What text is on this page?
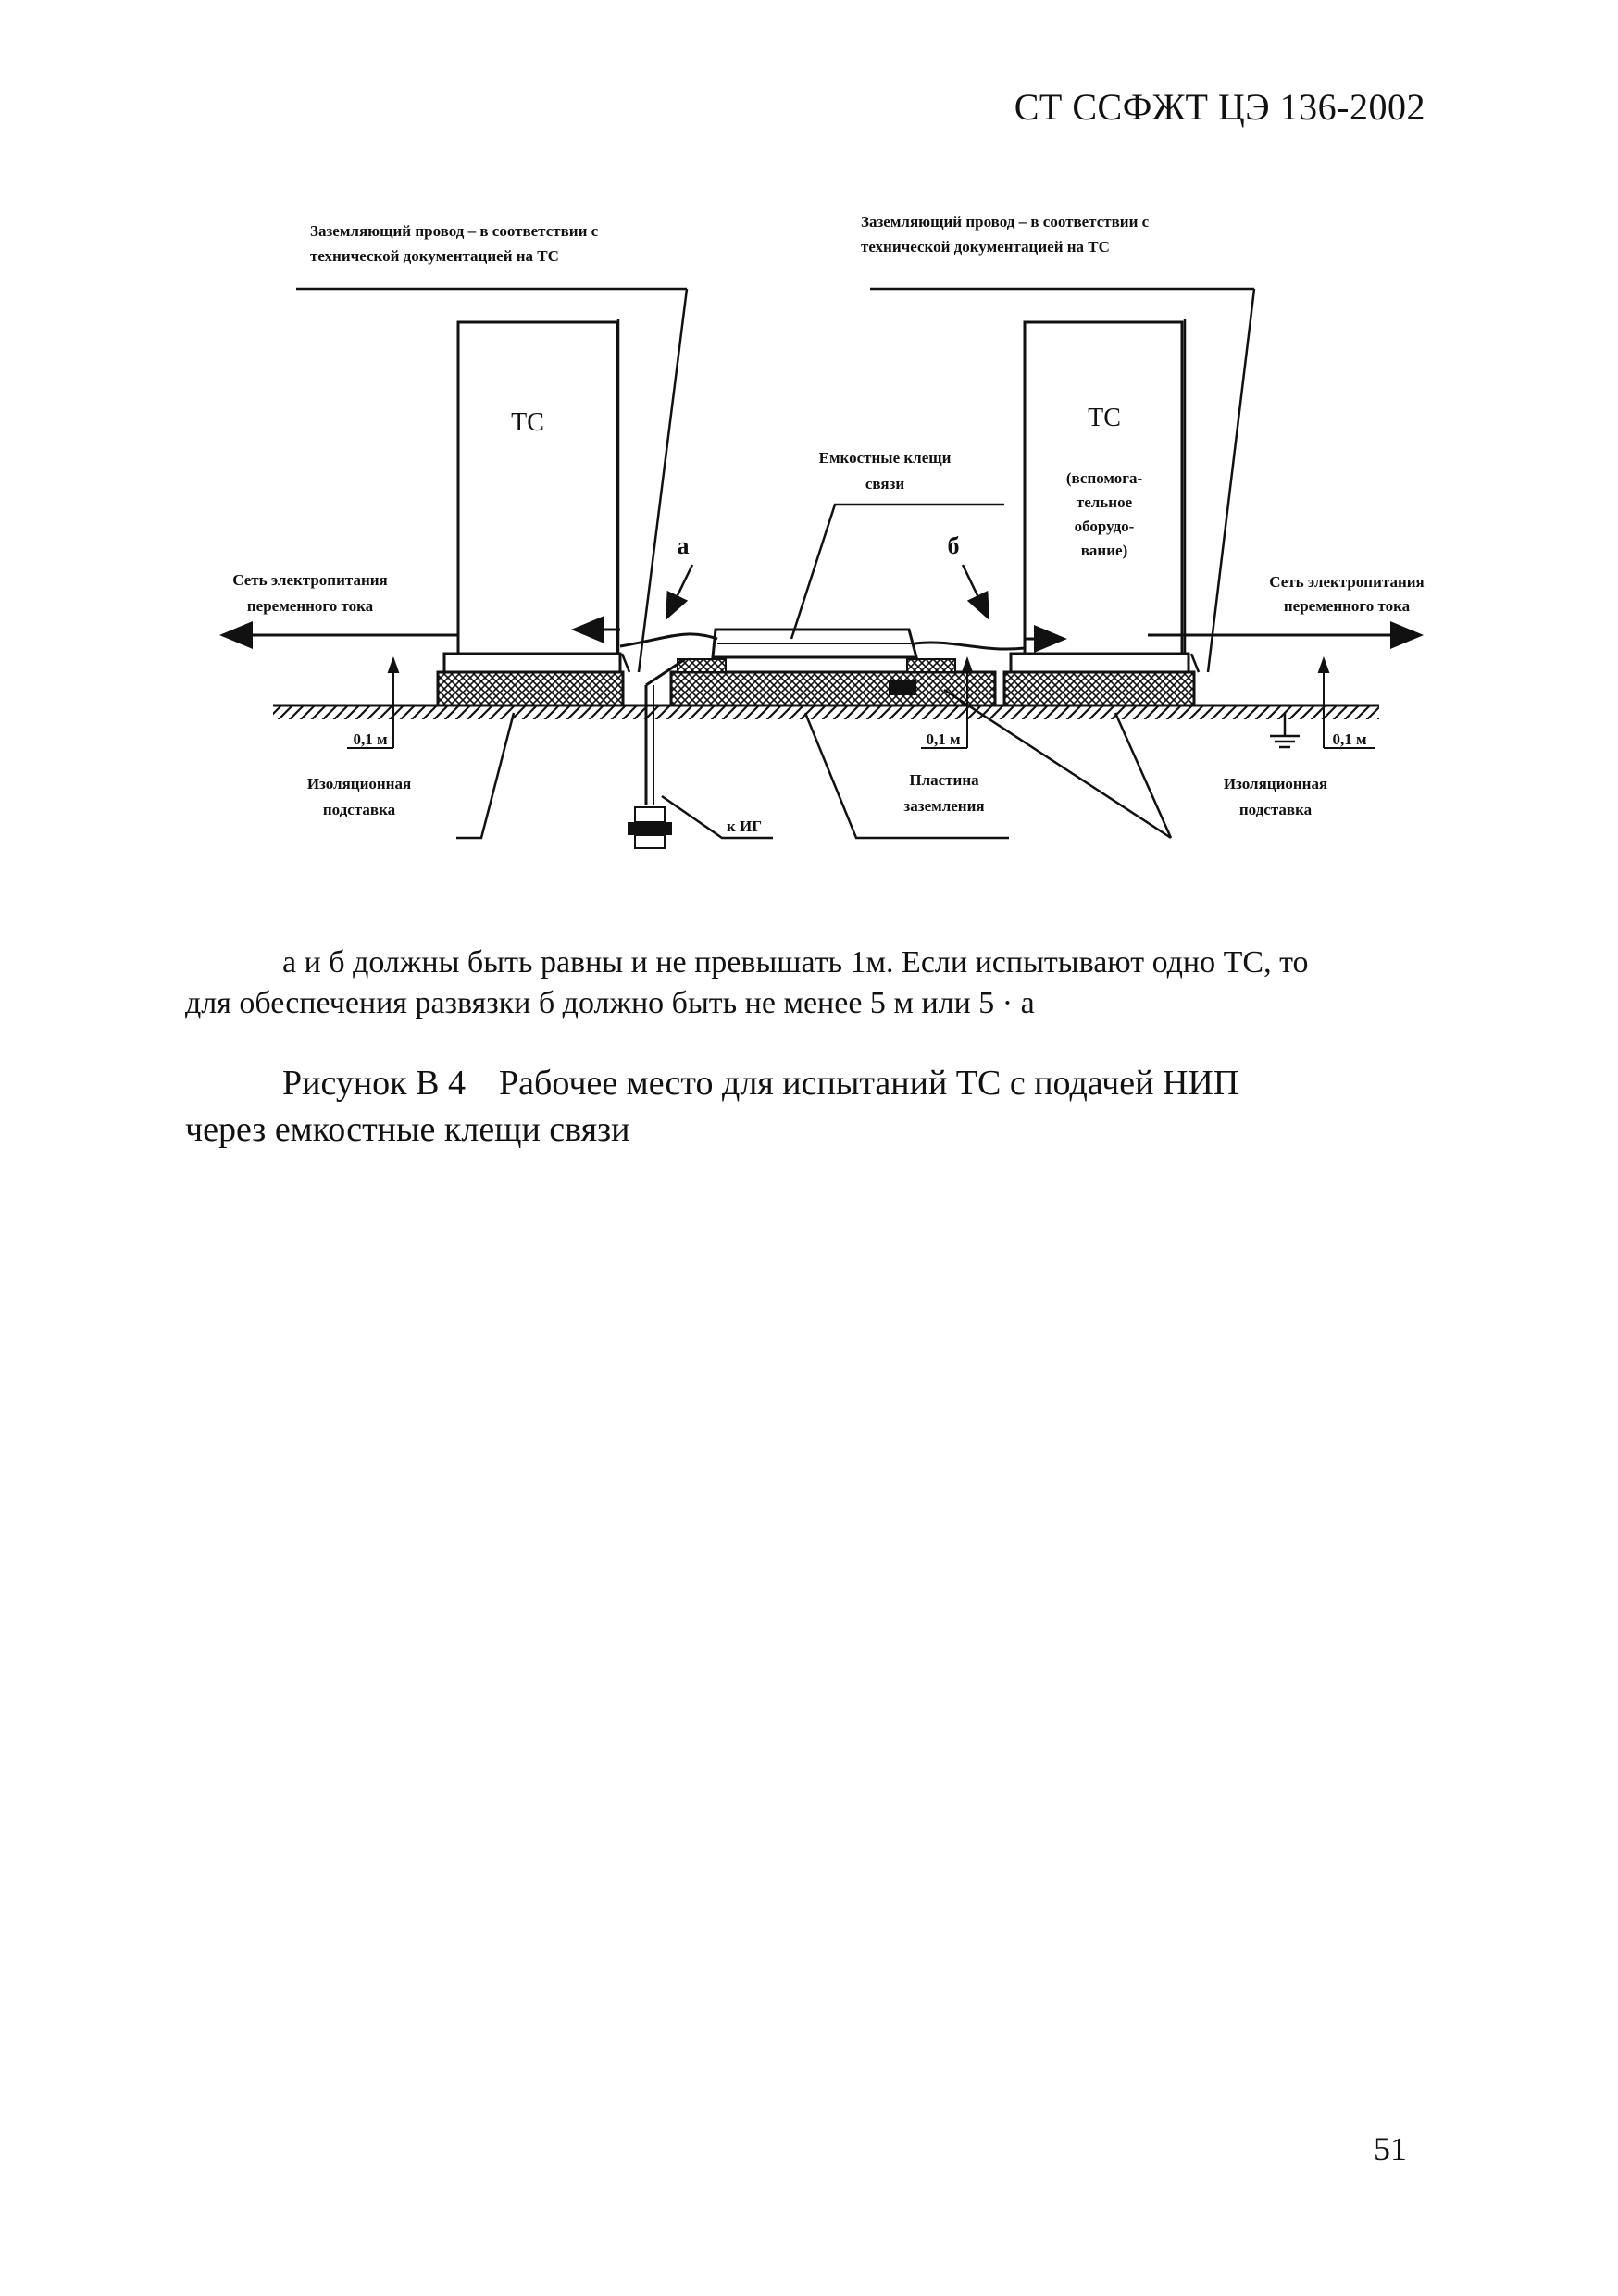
СТ ССФЖТ ЦЭ 136-2002
ТС	ТС
(вспомога-
тельное
оборудо-
вание)
а	б
0,1 м	0,1 м	0,1 м
Заземляющий провод – в соответствии с
технической документацией на ТС
Заземляющий провод – в соответствии с
технической документацией на ТС
Емкостные клещи
связи
Сеть электропитания
переменного тока
Сеть электропитания
переменного тока
Изоляционная
подставка
Пластина
заземления
Изоляционная
подставка
к ИГ

а и б должны быть равны и не превышать 1м. Если испытывают одно ТС, то

для обеспечения развязки б должно быть не менее 5 м или 5 · а

Рисунок В 4 Рабочее место для испытаний ТС с подачей НИП

через емкостные клещи связи

51
